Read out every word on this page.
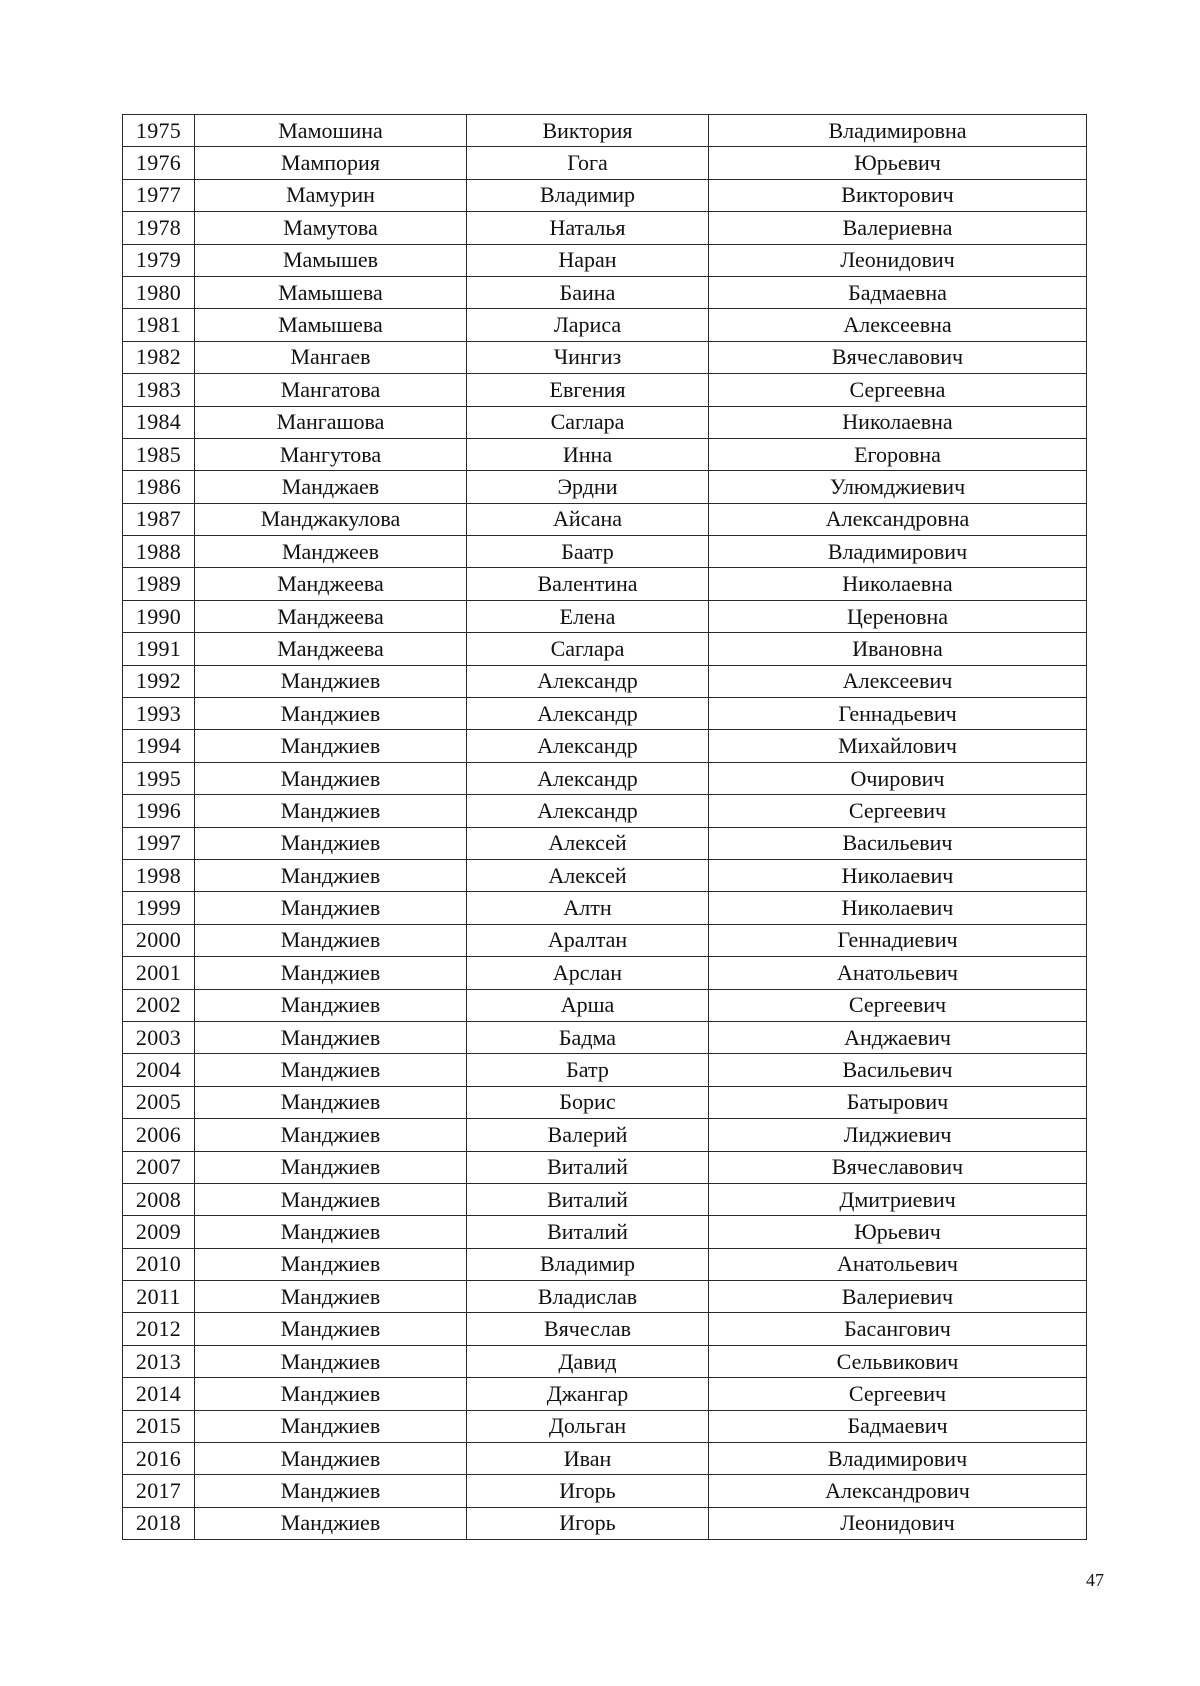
1975	Мамошина	Виктория	Владимировна
1976	Мампория	Гога	Юрьевич
1977	Мамурин	Владимир	Викторович
1978	Мамутова	Наталья	Валериевна
1979	Мамышев	Наран	Леонидович
1980	Мамышева	Баина	Бадмаевна
1981	Мамышева	Лариса	Алексеевна
1982	Мангаев	Чингиз	Вячеславович
1983	Мангатова	Евгения	Сергеевна
1984	Мангашова	Саглара	Николаевна
1985	Мангутова	Инна	Егоровна
1986	Манджаев	Эрдни	Улюмджиевич
1987	Манджакулова	Айсана	Александровна
1988	Манджеев	Баатр	Владимирович
1989	Манджеева	Валентина	Николаевна
1990	Манджеева	Елена	Цереновна
1991	Манджеева	Саглара	Ивановна
1992	Манджиев	Александр	Алексеевич
1993	Манджиев	Александр	Геннадьевич
1994	Манджиев	Александр	Михайлович
1995	Манджиев	Александр	Очирович
1996	Манджиев	Александр	Сергеевич
1997	Манджиев	Алексей	Васильевич
1998	Манджиев	Алексей	Николаевич
1999	Манджиев	Алтн	Николаевич
2000	Манджиев	Аралтан	Геннадиевич
2001	Манджиев	Арслан	Анатольевич
2002	Манджиев	Арша	Сергеевич
2003	Манджиев	Бадма	Анджаевич
2004	Манджиев	Батр	Васильевич
2005	Манджиев	Борис	Батырович
2006	Манджиев	Валерий	Лиджиевич
2007	Манджиев	Виталий	Вячеславович
2008	Манджиев	Виталий	Дмитриевич
2009	Манджиев	Виталий	Юрьевич
2010	Манджиев	Владимир	Анатольевич
2011	Манджиев	Владислав	Валериевич
2012	Манджиев	Вячеслав	Басангович
2013	Манджиев	Давид	Сельвикович
2014	Манджиев	Джангар	Сергеевич
2015	Манджиев	Дольган	Бадмаевич
2016	Манджиев	Иван	Владимирович
2017	Манджиев	Игорь	Александрович
2018	Манджиев	Игорь	Леонидович
47
